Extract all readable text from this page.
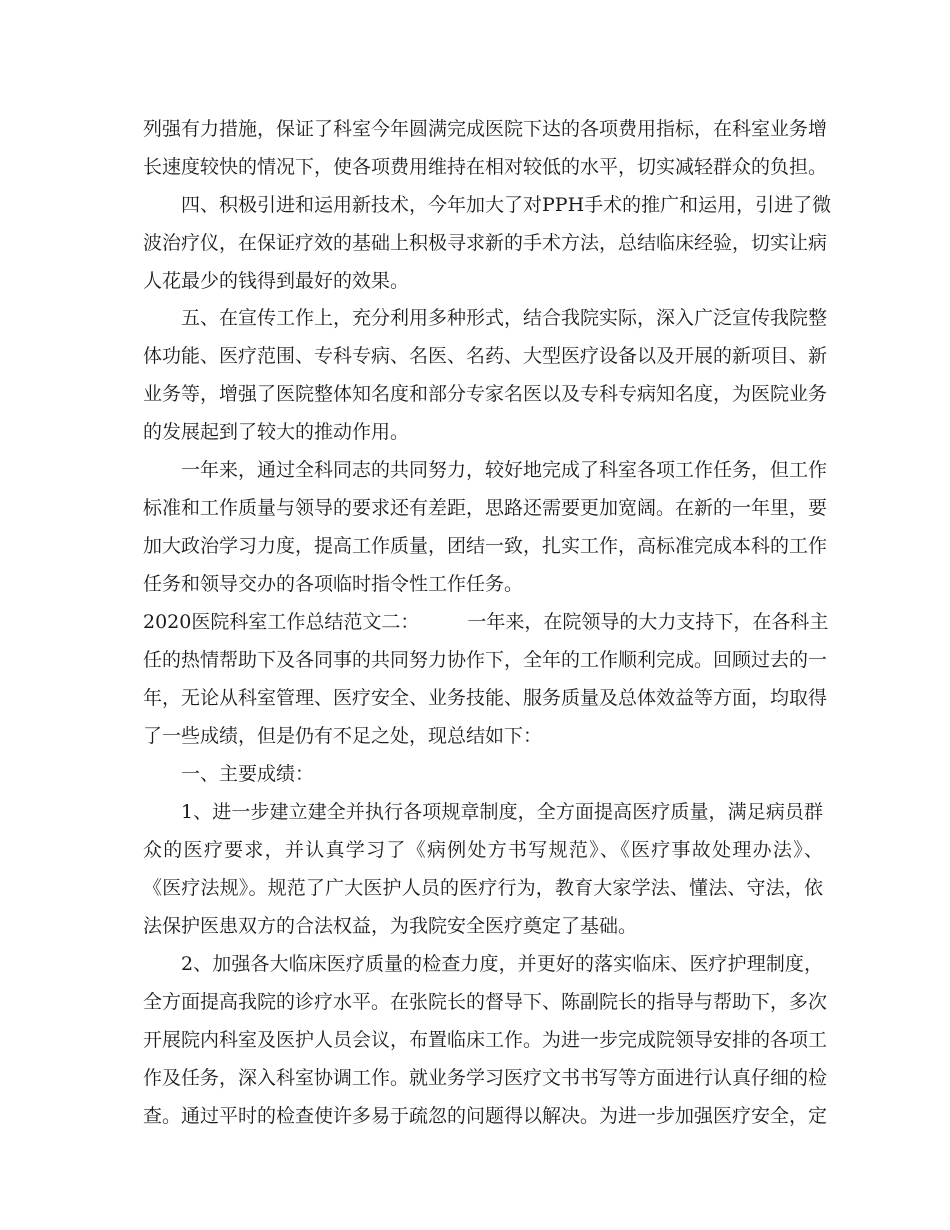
列强有力措施，保证了科室今年圆满完成医院下达的各项费用指标，在科室业务增
长速度较快的情况下，使各项费用维持在相对较低的水平，切实减轻群众的负担。
四、积极引进和运用新技术，今年加大了对PPH手术的推广和运用，引进了微
波治疗仪，在保证疗效的基础上积极寻求新的手术方法，总结临床经验，切实让病
人花最少的钱得到最好的效果。
五、在宣传工作上，充分利用多种形式，结合我院实际，深入广泛宣传我院整
体功能、医疗范围、专科专病、名医、名药、大型医疗设备以及开展的新项目、新
业务等，增强了医院整体知名度和部分专家名医以及专科专病知名度，为医院业务
的发展起到了较大的推动作用。
一年来，通过全科同志的共同努力，较好地完成了科室各项工作任务，但工作
标准和工作质量与领导的要求还有差距，思路还需要更加宽阔。在新的一年里，要
加大政治学习力度，提高工作质量，团结一致，扎实工作，高标准完成本科的工作
任务和领导交办的各项临时指令性工作任务。
2020医院科室工作总结范文二：	一年来，在院领导的大力支持下，在各科主
任的热情帮助下及各同事的共同努力协作下，全年的工作顺利完成。回顾过去的一
年，无论从科室管理、医疗安全、业务技能、服务质量及总体效益等方面，均取得
了一些成绩，但是仍有不足之处，现总结如下：
一、主要成绩：
1、进一步建立建全并执行各项规章制度，全方面提高医疗质量，满足病员群
众的医疗要求，并认真学习了《病例处方书写规范》、《医疗事故处理办法》、
《医疗法规》。规范了广大医护人员的医疗行为，教育大家学法、懂法、守法，依
法保护医患双方的合法权益，为我院安全医疗奠定了基础。
2、加强各大临床医疗质量的检查力度，并更好的落实临床、医疗护理制度，
全方面提高我院的诊疗水平。在张院长的督导下、陈副院长的指导与帮助下，多次
开展院内科室及医护人员会议，布置临床工作。为进一步完成院领导安排的各项工
作及任务，深入科室协调工作。就业务学习医疗文书书写等方面进行认真仔细的检
查。通过平时的检查使许多易于疏忽的问题得以解决。为进一步加强医疗安全，定
